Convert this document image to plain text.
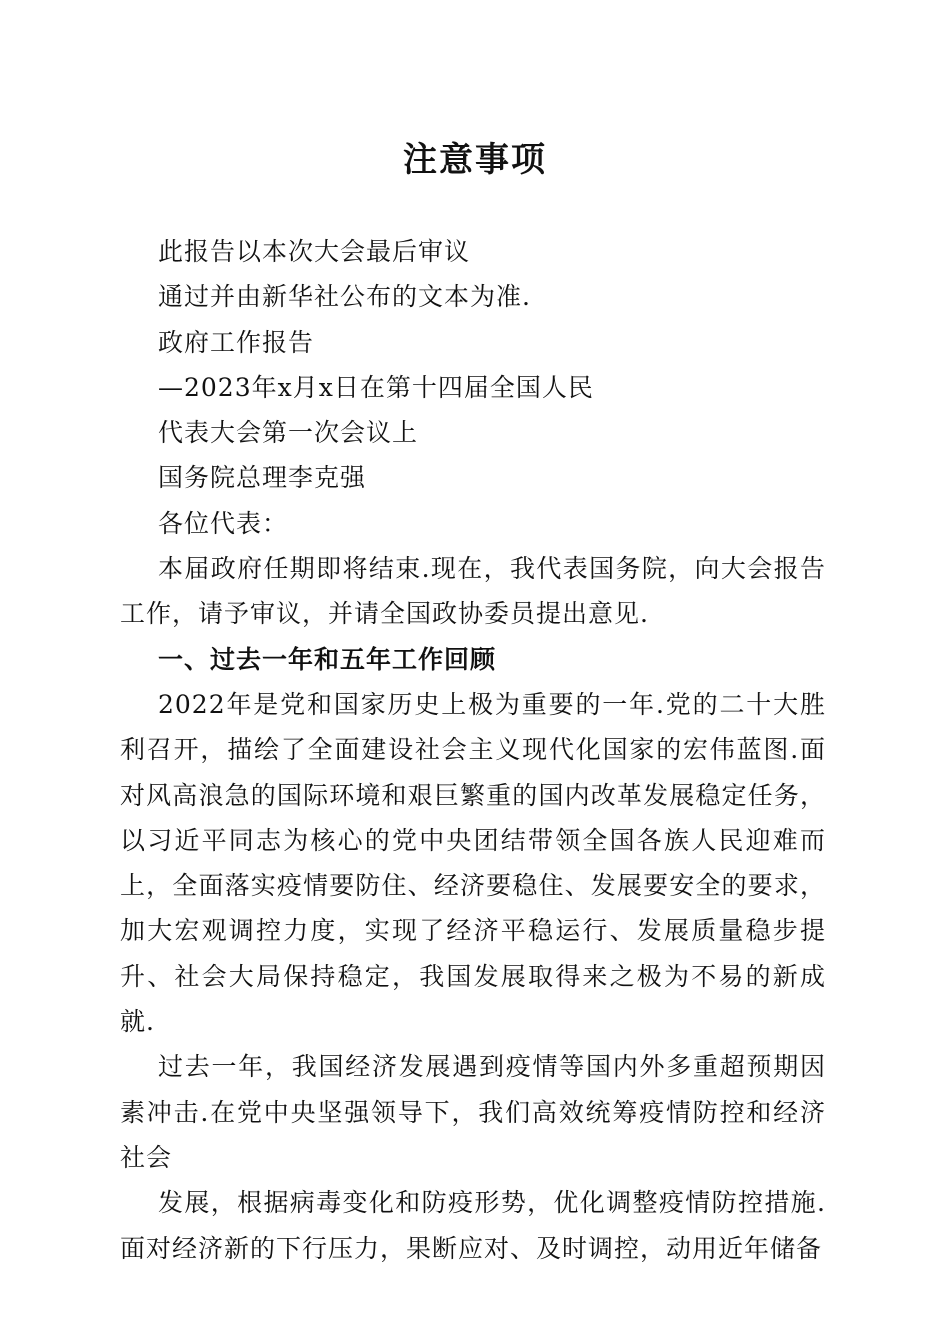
注意事项
此报告以本次大会最后审议
通过并由新华社公布的文本为准.
政府工作报告
—2023年x月x日在第十四届全国人民
代表大会第一次会议上
国务院总理李克强
各位代表：

本届政府任期即将结束.现在，我代表国务院，向大会报告工作，请予审议，并请全国政协委员提出意见.

一、过去一年和五年工作回顾

2022年是党和国家历史上极为重要的一年.党的二十大胜利召开，描绘了全面建设社会主义现代化国家的宏伟蓝图.面对风高浪急的国际环境和艰巨繁重的国内改革发展稳定任务，以习近平同志为核心的党中央团结带领全国各族人民迎难而上，全面落实疫情要防住、经济要稳住、发展要安全的要求，加大宏观调控力度，实现了经济平稳运行、发展质量稳步提升、社会大局保持稳定，我国发展取得来之极为不易的新成就.

过去一年，我国经济发展遇到疫情等国内外多重超预期因素冲击.在党中央坚强领导下，我们高效统筹疫情防控和经济社会

发展，根据病毒变化和防疫形势，优化调整疫情防控措施.面对经济新的下行压力，果断应对、及时调控，动用近年储备
